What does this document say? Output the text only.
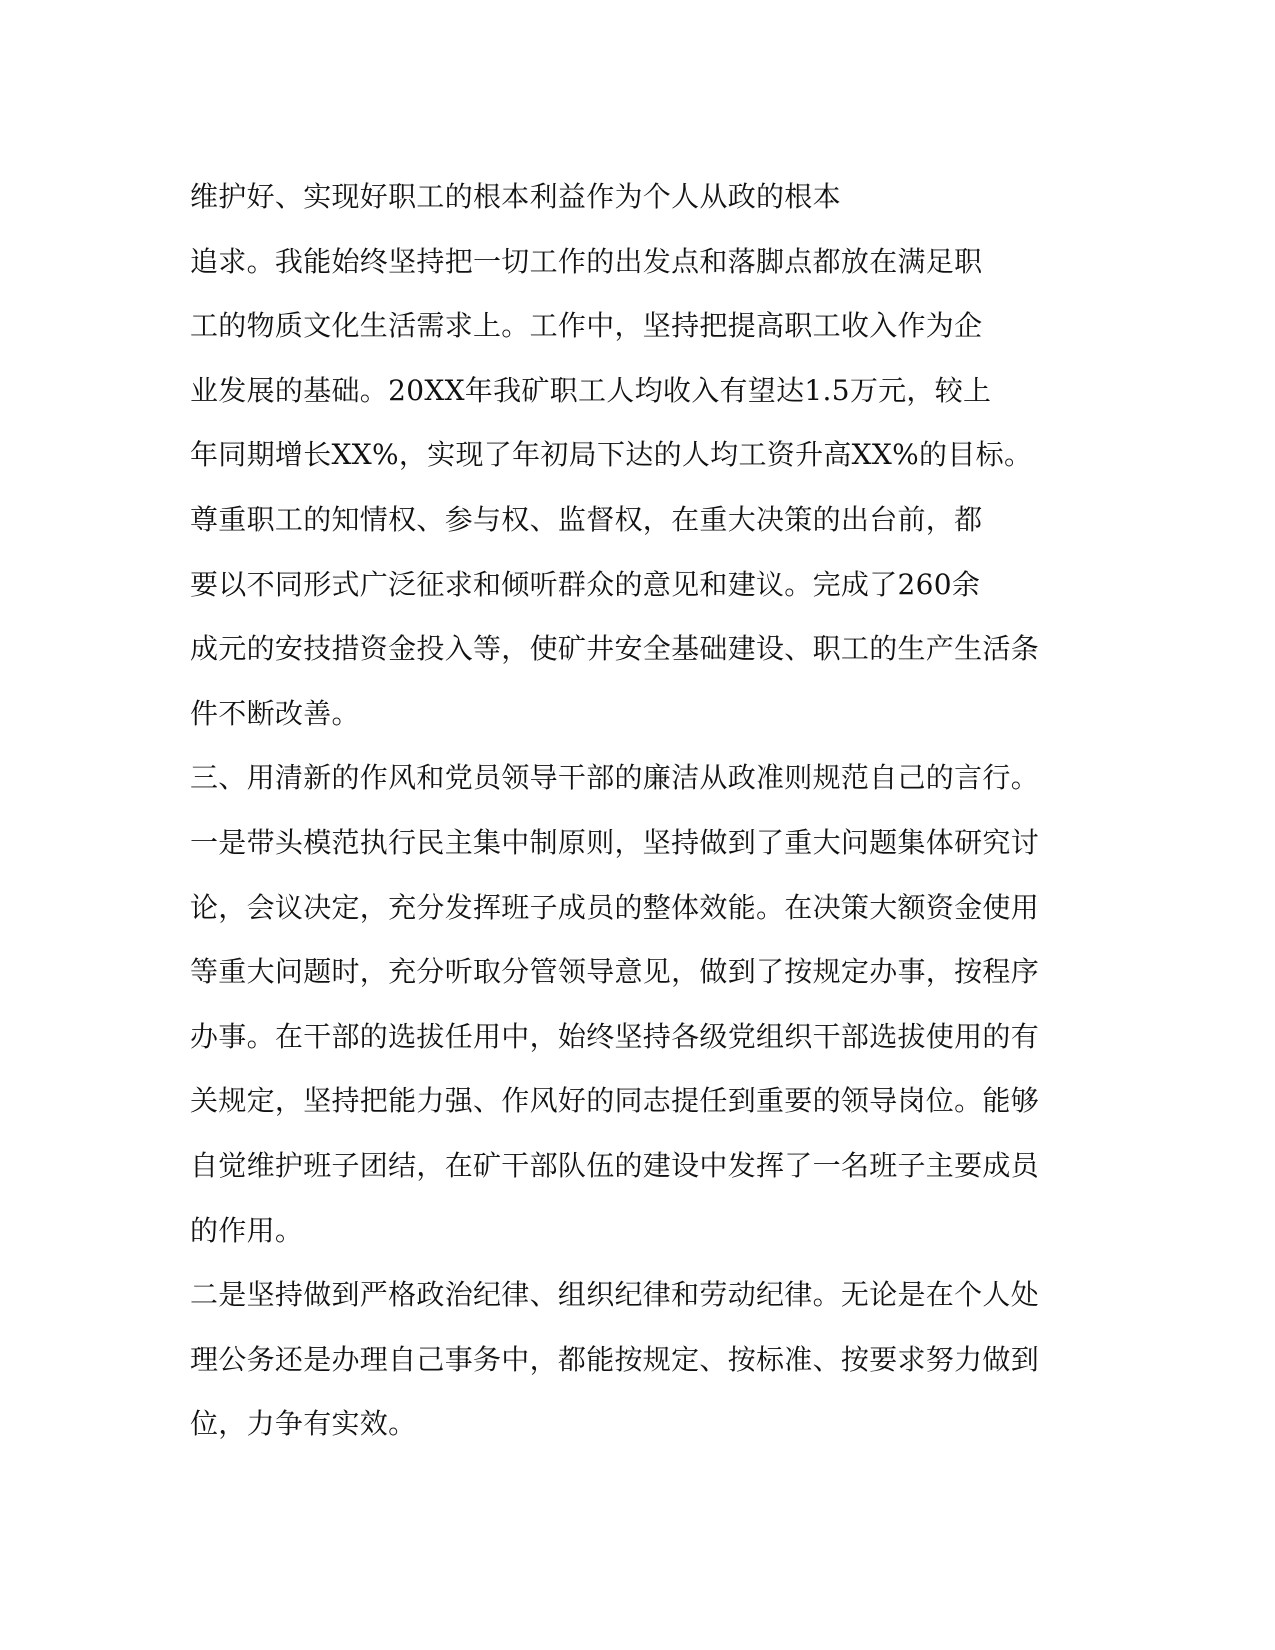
维护好、实现好职工的根本利益作为个人从政的根本
追求。我能始终坚持把一切工作的出发点和落脚点都放在满足职
工的物质文化生活需求上。工作中，坚持把提高职工收入作为企
业发展的基础。20XX年我矿职工人均收入有望达1.5万元，较上
年同期增长XX%，实现了年初局下达的人均工资升高XX%的目标。
尊重职工的知情权、参与权、监督权，在重大决策的出台前，都
要以不同形式广泛征求和倾听群众的意见和建议。完成了260余
成元的安技措资金投入等，使矿井安全基础建设、职工的生产生活条
件不断改善。
三、用清新的作风和党员领导干部的廉洁从政准则规范自己的言行。
一是带头模范执行民主集中制原则，坚持做到了重大问题集体研究讨
论，会议决定，充分发挥班子成员的整体效能。在决策大额资金使用
等重大问题时，充分听取分管领导意见，做到了按规定办事，按程序
办事。在干部的选拔任用中，始终坚持各级党组织干部选拔使用的有
关规定，坚持把能力强、作风好的同志提任到重要的领导岗位。能够
自觉维护班子团结，在矿干部队伍的建设中发挥了一名班子主要成员
的作用。
二是坚持做到严格政治纪律、组织纪律和劳动纪律。无论是在个人处
理公务还是办理自己事务中，都能按规定、按标准、按要求努力做到
位，力争有实效。
